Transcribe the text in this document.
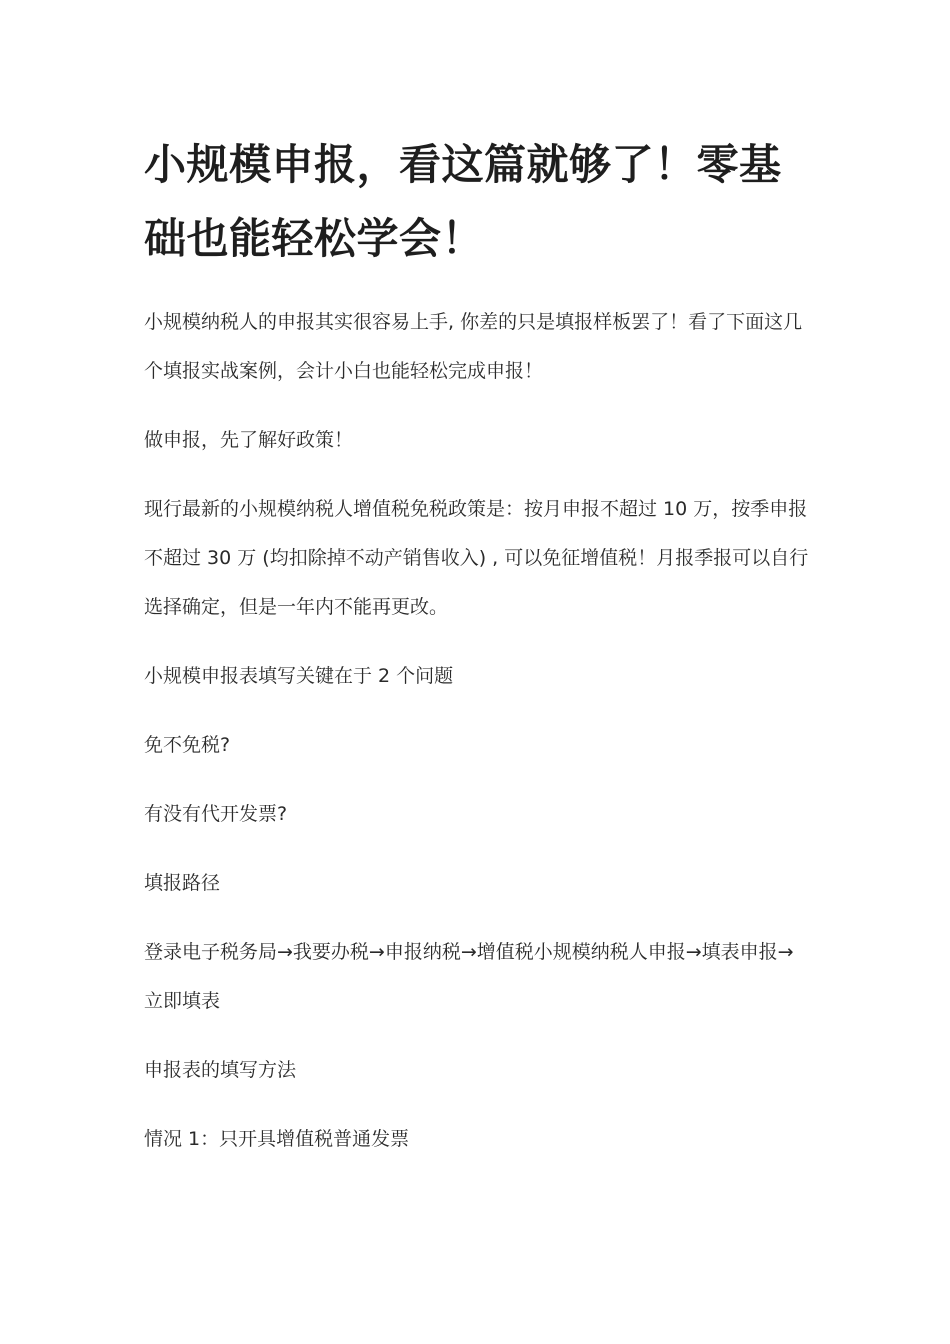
小规模申报，看这篇就够了！零基础也能轻松学会！

小规模纳税人的申报其实很容易上手, 你差的只是填报样板罢了！看了下面这几个填报实战案例，会计小白也能轻松完成申报！

做申报，先了解好政策！

现行最新的小规模纳税人增值税免税政策是：按月申报不超过 10 万，按季申报不超过 30 万 (均扣除掉不动产销售收入) , 可以免征增值税！月报季报可以自行选择确定，但是一年内不能再更改。

小规模申报表填写关键在于 2 个问题

免不免税?

有没有代开发票?

填报路径

登录电子税务局→我要办税→申报纳税→增值税小规模纳税人申报→填表申报→立即填表

申报表的填写方法

情况 1：只开具增值税普通发票
